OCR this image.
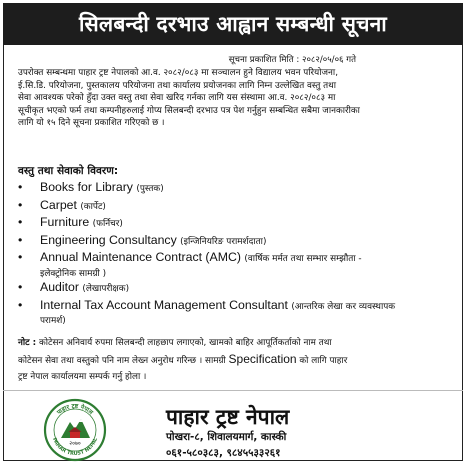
सिलबन्दी दरभाउ आह्वान सम्बन्धी सूचना
सूचना प्रकाशित मिति : २०८२/०५/०६ गते
उपरोक्त सम्बन्धमा पाहार ट्रष्ट नेपालको आ.व. २०८२/०८३ मा सञ्चालन हुने विद्यालय भवन परियोजना,
ई.सि.डि. परियोजना, पुस्तकालय परियोजना तथा कार्यालय प्रयोजनका लागि निम्न उल्लेखित वस्तु तथा
सेवा आवश्यक परेको हुँदा उक्त वस्तु तथा सेवा खरिद गर्नका लागि यस संस्थामा आ.व. २०८२/०८३ मा
सूचीकृत भएको फर्म तथा कम्पनीहरुलाई गोप्य सिलबन्दी दरभाउ पत्र पेश गर्नुहुन सम्बन्धित सबैमा जानकारीका
लागि यो १५ दिने सूचना प्रकाशित गरिएको छ ।
वस्तु तथा सेवाको विवरण:
• Books for Library (पुस्तक)
• Carpet (कार्पेट)
• Furniture (फर्निचर)
• Engineering Consultancy (इन्जिनियरिङ परामर्शदाता)
• Annual Maintenance Contract (AMC) (वार्षिक मर्मत तथा सम्भार सम्झौता -
इलेक्ट्रोनिक सामग्री )
• Auditor (लेखापरीक्षक)
• Internal Tax Account Management Consultant (आन्तरिक लेखा कर व्यवस्थापक
परामर्श)
नोट : कोटेसन अनिवार्य रुपमा सिलबन्दी लाहछाप लगाएको, खामको बाहिर आपूर्तिकर्ताको नाम तथा
कोटेसन सेवा तथा वस्तुको पनि नाम लेख्न अनुरोध गरिन्छ । सामग्री Specification को लागि पाहार
ट्रष्ट नेपाल कार्यालयमा सम्पर्क गर्नु होला ।
पाहार ट्रष्ट नेपाल
PAHAR TRUST NEPAL
२०७०
पाहार ट्रष्ट नेपाल
पोखरा-८, शिवालयमार्ग, कास्की
०६१-५८०३८३, ९८४५५३३२६१
